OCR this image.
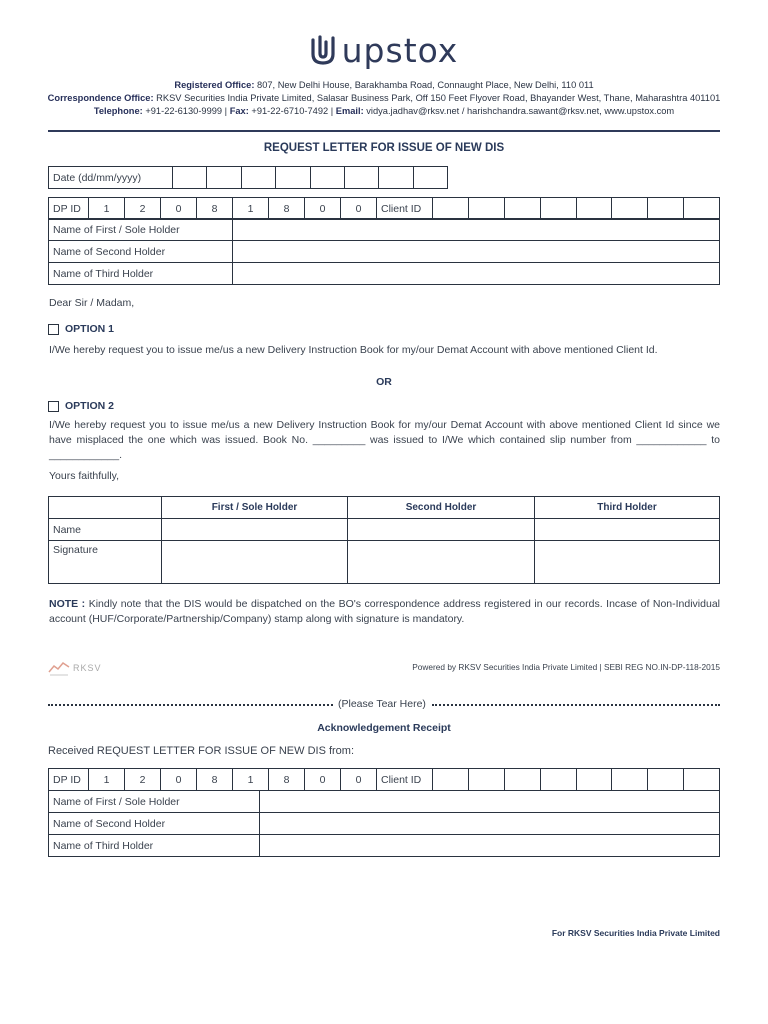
upstox
Registered Office: 807, New Delhi House, Barakhamba Road, Connaught Place, New Delhi, 110 011
Correspondence Office: RKSV Securities India Private Limited, Salasar Business Park, Off 150 Feet Flyover Road, Bhayander West, Thane, Maharashtra 401101
Telephone: +91-22-6130-9999 | Fax: +91-22-6710-7492 | Email: vidya.jadhav@rksv.net / harishchandra.sawant@rksv.net, www.upstox.com
REQUEST LETTER FOR ISSUE OF NEW DIS
Date (dd/mm/yyyy)								
DP ID	1	2	0	8	1	8	0	0	Client ID								
Name of First / Sole Holder	
Name of Second Holder	
Name of Third Holder	
Dear Sir / Madam,
OPTION 1
I/We hereby request you to issue me/us a new Delivery Instruction Book for my/our Demat Account with above mentioned Client Id.
OR
OPTION 2
I/We hereby request you to issue me/us a new Delivery Instruction Book for my/our Demat Account with above mentioned Client Id since we have misplaced the one which was issued. Book No. _________ was issued to I/We which contained slip number from ____________ to ____________.
Yours faithfully,
	First / Sole Holder	Second Holder	Third Holder
Name			
Signature			
NOTE : Kindly note that the DIS would be dispatched on the BO's correspondence address registered in our records. Incase of Non-Individual account (HUF/Corporate/Partnership/Company) stamp along with signature is mandatory.
RKSV	Powered by RKSV Securities India Private Limited | SEBI REG NO.IN-DP-118-2015
(Please Tear Here)
Acknowledgement Receipt
Received REQUEST LETTER FOR ISSUE OF NEW DIS from:
DP ID	1	2	0	8	1	8	0	0	Client ID								
Name of First / Sole Holder	
Name of Second Holder	
Name of Third Holder	
For RKSV Securities India Private Limited
